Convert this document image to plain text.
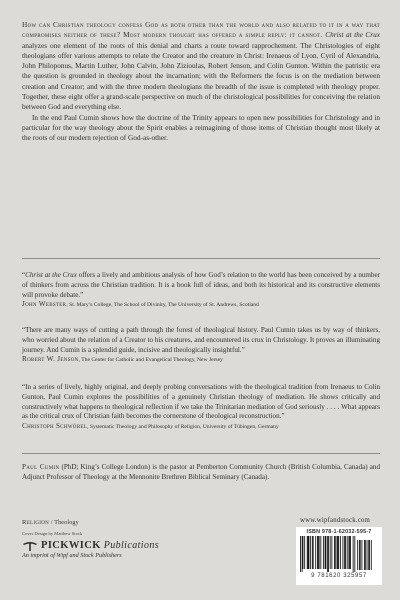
How can Christian theology confess God as both other than the world and also related to it in a way that compromises neither of these? Most modern thought has offered a simple reply: it cannot. Christ at the Crux analyzes one element of the roots of this denial and charts a route toward rapprochement. The Christologies of eight theologians offer various attempts to relate the Creator and the creature in Christ: Irenaeus of Lyon, Cyril of Alexandria, John Philoponus, Martin Luther, John Calvin, John Zizioulas, Robert Jenson, and Colin Gunton. Within the patristic era the question is grounded in theology about the incarnation; with the Reformers the focus is on the mediation between creation and Creator; and with the three modern theologians the breadth of the issue is completed with theology proper. Together, these eight offer a grand-scale perspective on much of the christological possibilities for conceiving the relation between God and everything else.

In the end Paul Cumin shows how the doctrine of the Trinity appears to open new possibilities for Christology and in particular for the way theology about the Spirit enables a reimagining of those items of Christian thought most likely at the roots of our modern rejection of God-as-other.

“Christ at the Crux offers a lively and ambitious analysis of how God’s relation to the world has been conceived by a number of thinkers from across the Christian tradition. It is a book full of ideas, and both its historical and its constructive elements will provoke debate.”

John Webster, St. Mary’s College, The School of Divinity, The University of St. Andrews, Scotland

“There are many ways of cutting a path through the forest of theological history. Paul Cumin takes us by way of thinkers, who worried about the relation of a Creator to his creatures, and encountered its crux in Christology. It proves an illuminating journey. And Cumin is a splendid guide, incisive and theologically insightful.”

Robert W. Jenson, The Center for Catholic and Evangelical Theology, New Jersey

“In a series of lively, highly original, and deeply probing conversations with the theological tradition from Irenaeus to Colin Gunton, Paul Cumin explores the possibilities of a genuinely Christian theology of mediation. He shows critically and constructively what happens to theological reflection if we take the Trinitarian mediation of God seriously . . . . What appears as the critical crux of Christian faith becomes the cornerstone of theological reconstruction.”

Christoph Schwöbel, Systematic Theology and Philosophy of Religion, University of Tübingen, Germany

Paul Cumin (PhD; King’s College London) is the pastor at Pemberton Community Church (British Columbia, Canada) and Adjunct Professor of Theology at the Mennonite Brethren Biblical Seminary (Canada).
Religion / Theology
Cover Design by Matthew Stock
PICKWICK Publications
An imprint of Wipf and Stock Publishers
www.wipfandstock.com
ISBN 978-1-62032-595-7
9 781620 325957
